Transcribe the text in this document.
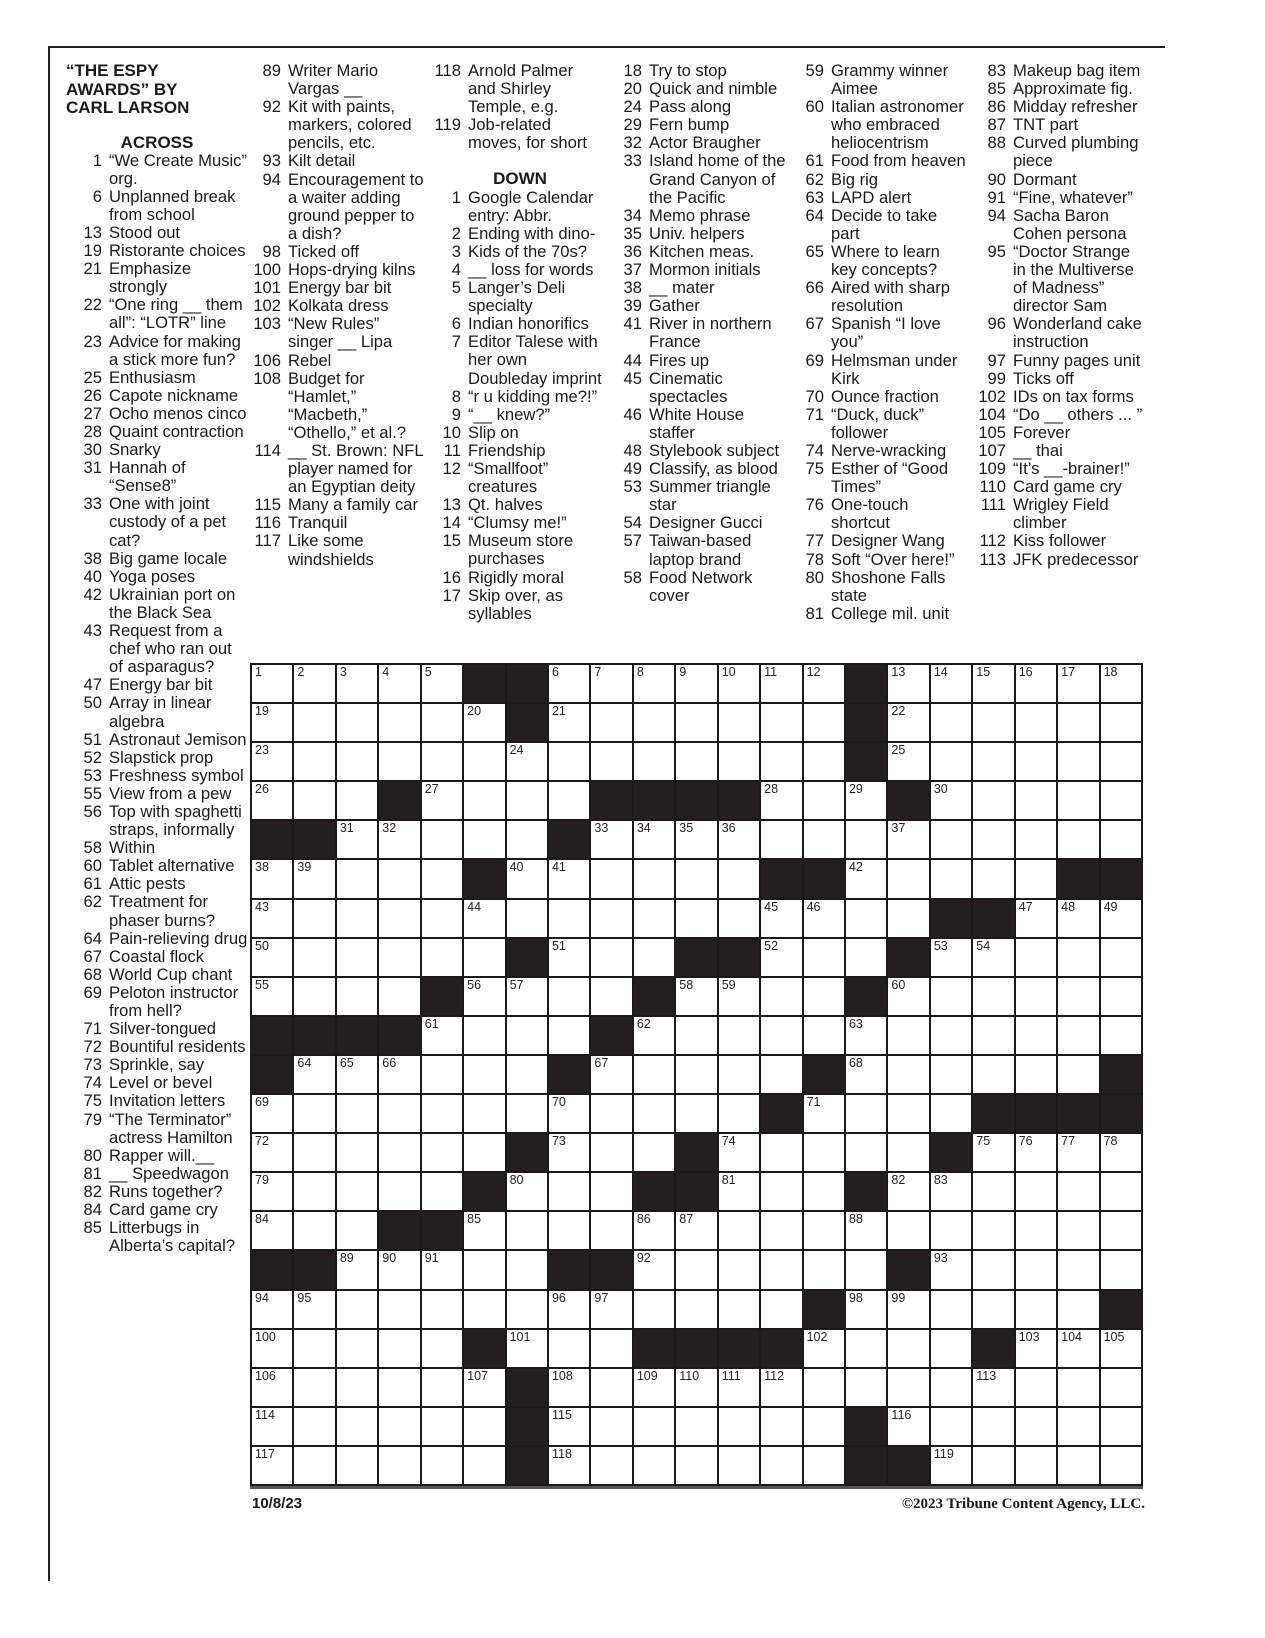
“THE ESPY
AWARDS” BY
CARL LARSON
ACROSS
1 “We Create Music” org.
6 Unplanned break from school
13 Stood out
19 Ristorante choices
21 Emphasize strongly
22 “One ring __ them all”: “LOTR” line
23 Advice for making a stick more fun?
25 Enthusiasm
26 Capote nickname
27 Ocho menos cinco
28 Quaint contraction
30 Snarky
31 Hannah of “Sense8”
33 One with joint custody of a pet cat?
38 Big game locale
40 Yoga poses
42 Ukrainian port on the Black Sea
43 Request from a chef who ran out of asparagus?
47 Energy bar bit
50 Array in linear algebra
51 Astronaut Jemison
52 Slapstick prop
53 Freshness symbol
55 View from a pew
56 Top with spaghetti straps, informally
58 Within
60 Tablet alternative
61 Attic pests
62 Treatment for phaser burns?
64 Pain-relieving drug
67 Coastal flock
68 World Cup chant
69 Peloton instructor from hell?
71 Silver-tongued
72 Bountiful residents
73 Sprinkle, say
74 Level or bevel
75 Invitation letters
79 “The Terminator” actress Hamilton
80 Rapper will.__
81 __ Speedwagon
82 Runs together?
84 Card game cry
85 Litterbugs in Alberta’s capital?
89 Writer Mario Vargas __
92 Kit with paints, markers, colored pencils, etc.
93 Kilt detail
94 Encouragement to a waiter adding ground pepper to a dish?
98 Ticked off
100 Hops-drying kilns
101 Energy bar bit
102 Kolkata dress
103 “New Rules” singer __ Lipa
106 Rebel
108 Budget for “Hamlet,” “Macbeth,” “Othello,” et al.?
114 __ St. Brown: NFL player named for an Egyptian deity
115 Many a family car
116 Tranquil
117 Like some windshields
118 Arnold Palmer and Shirley Temple, e.g.
119 Job-related moves, for short
DOWN
1 Google Calendar entry: Abbr.
2 Ending with dino-
3 Kids of the 70s?
4 __ loss for words
5 Langer’s Deli specialty
6 Indian honorifics
7 Editor Talese with her own Doubleday imprint
8 “r u kidding me?!”
9 “__ knew?”
10 Slip on
11 Friendship
12 “Smallfoot” creatures
13 Qt. halves
14 “Clumsy me!”
15 Museum store purchases
16 Rigidly moral
17 Skip over, as syllables
18 Try to stop
20 Quick and nimble
24 Pass along
29 Fern bump
32 Actor Braugher
33 Island home of the Grand Canyon of the Pacific
34 Memo phrase
35 Univ. helpers
36 Kitchen meas.
37 Mormon initials
38 __ mater
39 Gather
41 River in northern France
44 Fires up
45 Cinematic spectacles
46 White House staffer
48 Stylebook subject
49 Classify, as blood
53 Summer triangle star
54 Designer Gucci
57 Taiwan-based laptop brand
58 Food Network cover
59 Grammy winner Aimee
60 Italian astronomer who embraced heliocentrism
61 Food from heaven
62 Big rig
63 LAPD alert
64 Decide to take part
65 Where to learn key concepts?
66 Aired with sharp resolution
67 Spanish “I love you”
69 Helmsman under Kirk
70 Ounce fraction
71 “Duck, duck” follower
74 Nerve-wracking
75 Esther of “Good Times”
76 One-touch shortcut
77 Designer Wang
78 Soft “Over here!”
80 Shoshone Falls state
81 College mil. unit
83 Makeup bag item
85 Approximate fig.
86 Midday refresher
87 TNT part
88 Curved plumbing piece
90 Dormant
91 “Fine, whatever”
94 Sacha Baron Cohen persona
95 “Doctor Strange in the Multiverse of Madness” director Sam
96 Wonderland cake instruction
97 Funny pages unit
99 Ticks off
102 IDs on tax forms
104 “Do __ others ... ”
105 Forever
107 __ thai
109 “It’s __-brainer!”
110 Card game cry
111 Wrigley Field climber
112 Kiss follower
113 JFK predecessor
1	2	3	4	5	6	7	8	9	10 11 12	13 14 15 16 17 18
19	20	21	22
23	24	25
26	27	28	29	30
31 32	33 34 35 36	37
38 39	40 41	42
43	44	45 46	47 48 49
50	51	52	53 54
55	56 57	58 59	60
61	62	63
64 65 66	67	68
69	70	71
72	73	74	75 76 77 78
79	80	81	82 83
84	85	86 87	88
89 90 91	92	93
94 95	96 97	98 99
100	101	102	103 104 105
106	107	108	109 110 111 112	113
114	115	116
117	118	119
10/8/23	©2023 Tribune Content Agency, LLC.
